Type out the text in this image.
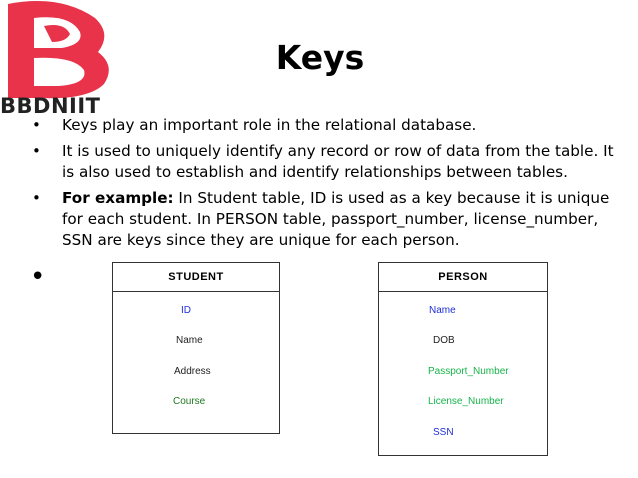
BBDNIIT
Keys
• Keys play an important role in the relational database.
• It is used to uniquely identify any record or row of data from the table. It is also used to establish and identify relationships between tables.
• For example: In Student table, ID is used as a key because it is unique for each student. In PERSON table, passport_number, license_number, SSN are keys since they are unique for each person.
•	STUDENT
ID
Name
Address
Course
PERSON
Name
DOB
Passport_Number
License_Number
SSN
